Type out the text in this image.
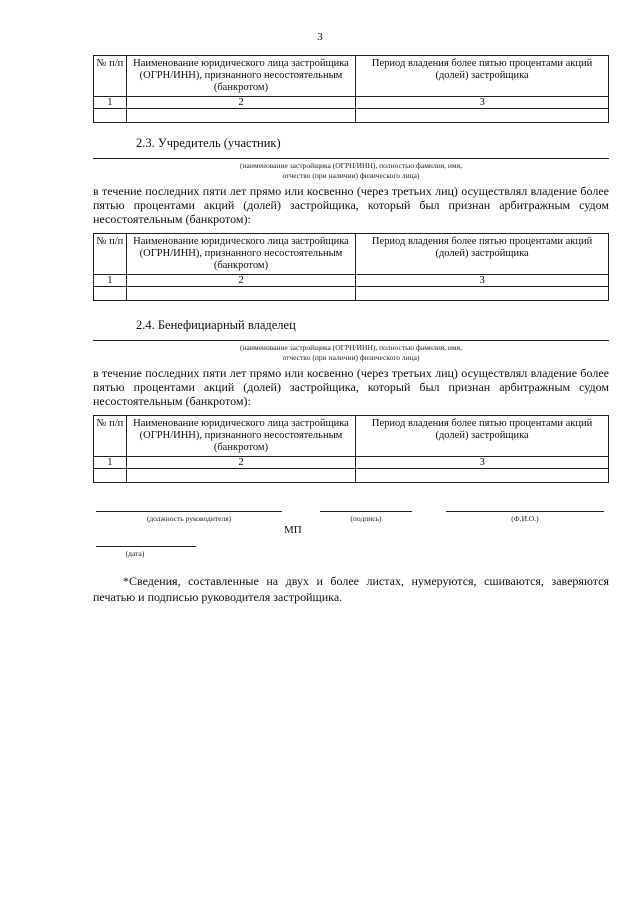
3
№ п/п	Наименование юридического лица застройщика (ОГРН/ИНН), признанного несостоятельным (банкротом)	Период владения более пятью процентами акций (долей) застройщика
1	2	3

2.3. Учредитель (участник)
(наименование застройщика (ОГРН/ИНН), полностью фамилия, имя,
отчество (при наличии) физического лица)
в течение последних пяти лет прямо или косвенно (через третьих лиц) осуществлял владение более пятью процентами акций (долей) застройщика, который был признан арбитражным судом несостоятельным (банкротом):
№ п/п	Наименование юридического лица застройщика (ОГРН/ИНН), признанного несостоятельным (банкротом)	Период владения более пятью процентами акций (долей) застройщика
1	2	3

2.4. Бенефициарный владелец
(наименование застройщика (ОГРН/ИНН), полностью фамилия, имя,
отчество (при наличии) физического лица)
в течение последних пяти лет прямо или косвенно (через третьих лиц) осуществлял владение более пятью процентами акций (долей) застройщика, который был признан арбитражным судом несостоятельным (банкротом):
№ п/п	Наименование юридического лица застройщика (ОГРН/ИНН), признанного несостоятельным (банкротом)	Период владения более пятью процентами акций (долей) застройщика
1	2	3

(должность руководителя)	(подпись)	(Ф.И.О.)
МП
(дата)
*Сведения, составленные на двух и более листах, нумеруются, сшиваются, заверяются печатью и подписью руководителя застройщика.
